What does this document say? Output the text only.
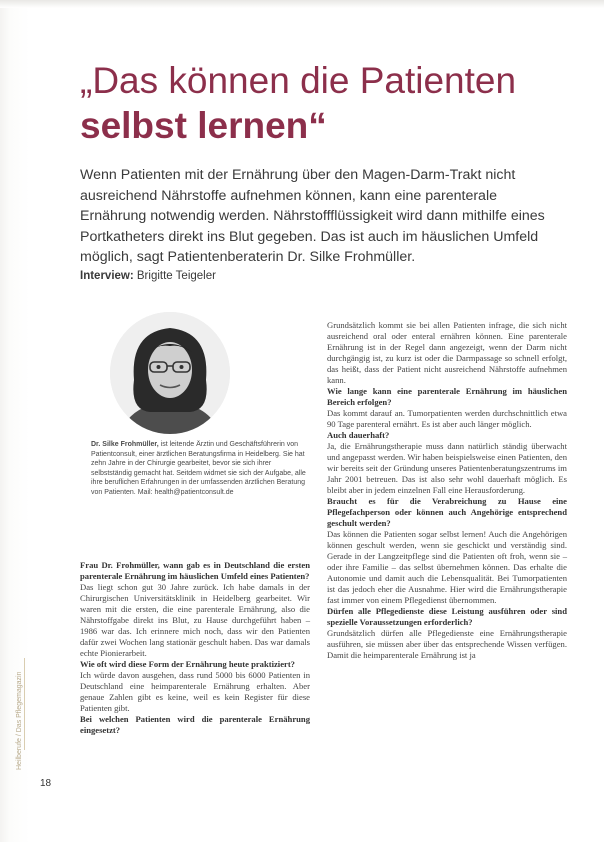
„Das können die Patienten
selbst lernen“

Wenn Patienten mit der Ernährung über den Magen-Darm-Trakt nicht ausreichend Nährstoffe aufnehmen können, kann eine parenterale Ernährung notwendig werden. Nährstoffflüssigkeit wird dann mithilfe eines Portkatheters direkt ins Blut gegeben. Das ist auch im häuslichen Umfeld möglich, sagt Patientenberaterin Dr. Silke Frohmüller.

Interview: Brigitte Teigeler

Dr. Silke Frohmüller, ist leitende Ärztin und Geschäftsführerin von Patientconsult, einer ärztlichen Beratungsfirma in Heidelberg. Sie hat zehn Jahre in der Chirurgie gearbeitet, bevor sie sich ihrer selbstständig gemacht hat. Seitdem widmet sie sich der Aufgabe, alle ihre beruflichen Erfahrungen in der umfassenden ärztlichen Beratung von Patienten. Mail: health@patientconsult.de

Frau Dr. Frohmüller, wann gab es in Deutschland die ersten parenterale Ernährung im häuslichen Umfeld eines Patienten?

Das liegt schon gut 30 Jahre zurück. Ich habe damals in der Chirurgischen Universitätsklinik in Heidelberg gearbeitet. Wir waren mit die ersten, die eine parenterale Ernährung, also die Nährstoffgabe direkt ins Blut, zu Hause durchgeführt haben – 1986 war das. Ich erinnere mich noch, dass wir den Patienten dafür zwei Wochen lang stationär geschult haben. Das war damals echte Pionierarbeit.

Wie oft wird diese Form der Ernährung heute praktiziert?

Ich würde davon ausgehen, dass rund 5000 bis 6000 Patienten in Deutschland eine heimparenterale Ernährung erhalten. Aber genaue Zahlen gibt es keine, weil es kein Register für diese Patienten gibt.

Bei welchen Patienten wird die parenterale Ernährung eingesetzt?

Grundsätzlich kommt sie bei allen Patienten infrage, die sich nicht ausreichend oral oder enteral ernähren können. Eine parenterale Ernährung ist in der Regel dann angezeigt, wenn der Darm nicht durchgängig ist, zu kurz ist oder die Darmpassage so schnell erfolgt, das heißt, dass der Patient nicht ausreichend Nährstoffe aufnehmen kann.

Wie lange kann eine parenterale Ernährung im häuslichen Bereich erfolgen?

Das kommt darauf an. Tumorpatienten werden durchschnittlich etwa 90 Tage parenteral ernährt. Es ist aber auch länger möglich.

Auch dauerhaft?

Ja, die Ernährungstherapie muss dann natürlich ständig überwacht und angepasst werden. Wir haben beispielsweise einen Patienten, den wir bereits seit der Gründung unseres Patientenberatungszentrums im Jahr 2001 betreuen. Das ist also sehr wohl dauerhaft möglich. Es bleibt aber in jedem einzelnen Fall eine Herausforderung.

Braucht es für die Verabreichung zu Hause eine Pflegefachperson oder können auch Angehörige entsprechend geschult werden?

Das können die Patienten sogar selbst lernen! Auch die Angehörigen können geschult werden, wenn sie geschickt und verständig sind. Gerade in der Langzeitpflege sind die Patienten oft froh, wenn sie – oder ihre Familie – das selbst übernehmen können. Das erhalte die Autonomie und damit auch die Lebensqualität. Bei Tumorpatienten ist das jedoch eher die Ausnahme. Hier wird die Ernährungstherapie fast immer von einem Pflegedienst übernommen.

Dürfen alle Pflegedienste diese Leistung ausführen oder sind spezielle Voraussetzungen erforderlich?

Grundsätzlich dürfen alle Pflegedienste eine Ernährungstherapie ausführen, sie müssen aber über das entsprechende Wissen verfügen. Damit die heimparenterale Ernährung ist ja

Heilberufe / Das Pflegemagazin
18
